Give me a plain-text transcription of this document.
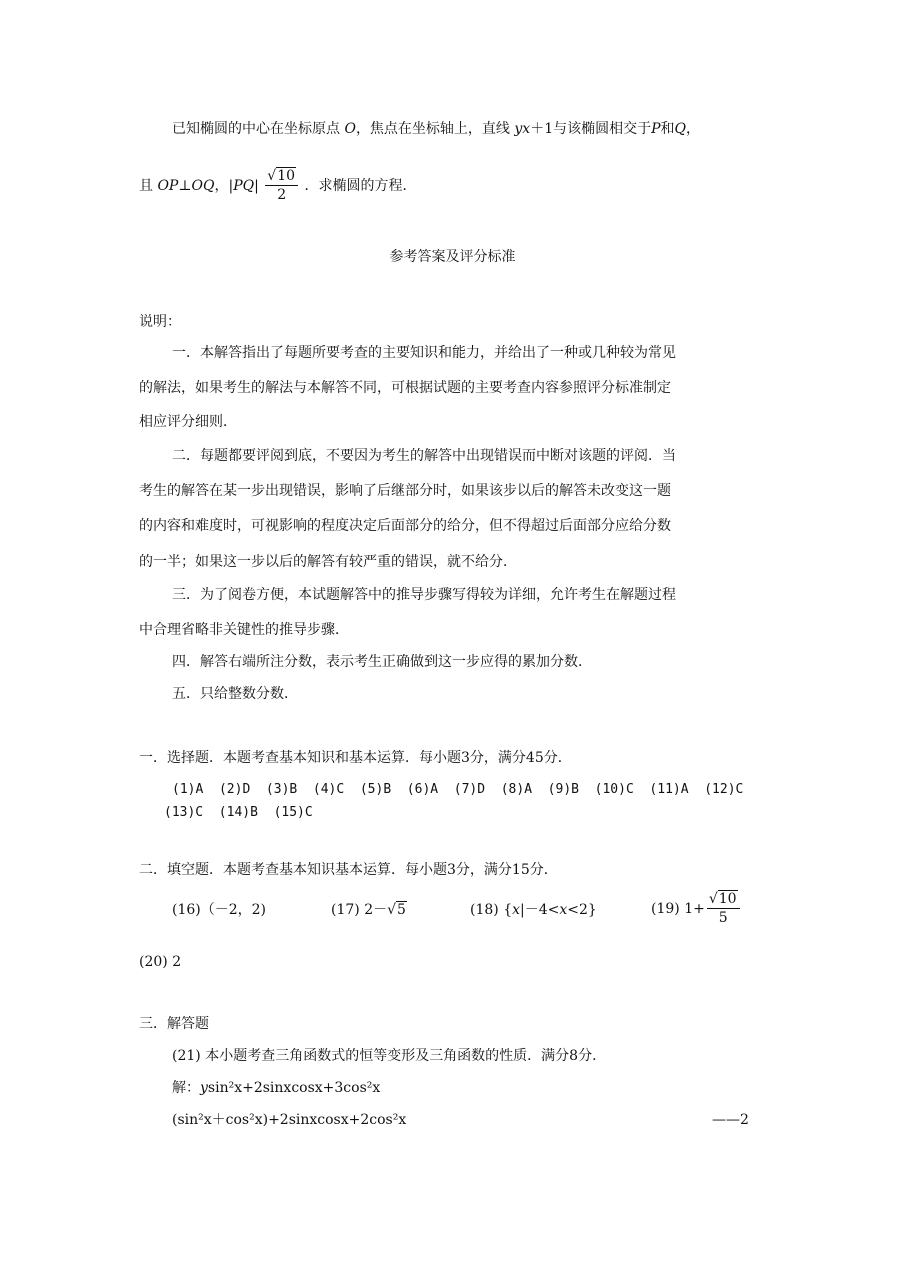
已知椭圆的中心在坐标原点 O，焦点在坐标轴上，直线 yx＋1与该椭圆相交于P和Q，
且 OP⊥OQ，$|PQ| \frac{√10}{2}$ ．求椭圆的方程．
参考答案及评分标准
说明：
一．本解答指出了每题所要考查的主要知识和能力，并给出了一种或几种较为常见
的解法，如果考生的解法与本解答不同，可根据试题的主要考查内容参照评分标准制定
相应评分细则．
二．每题都要评阅到底，不要因为考生的解答中出现错误而中断对该题的评阅．当
考生的解答在某一步出现错误，影响了后继部分时，如果该步以后的解答未改变这一题
的内容和难度时，可视影响的程度决定后面部分的给分，但不得超过后面部分应给分数
的一半；如果这一步以后的解答有较严重的错误，就不给分．
三．为了阅卷方便，本试题解答中的推导步骤写得较为详细，允许考生在解题过程
中合理省略非关键性的推导步骤．
四．解答右端所注分数，表示考生正确做到这一步应得的累加分数．
五．只给整数分数．
一．选择题．本题考查基本知识和基本运算．每小题3分，满分45分．
(1)A  (2)D  (3)B  (4)C  (5)B  (6)A  (7)D  (8)A  (9)B  (10)C  (11)A  (12)C
(13)C  (14)B  (15)C
二．填空题．本题考查基本知识基本运算．每小题3分，满分15分．
(16)（－2，2)	(17) 2－√5	(18) {x|－4<x<2}	(19) $1+ \frac{√10}{5}$
(20) 2
三．解答题
(21) 本小题考查三角函数式的恒等变形及三角函数的性质．满分8分．
解：ysin²x+2sinxcosx+3cos²x
(sin²x＋cos²x)+2sinxcosx+2cos²x	——2
